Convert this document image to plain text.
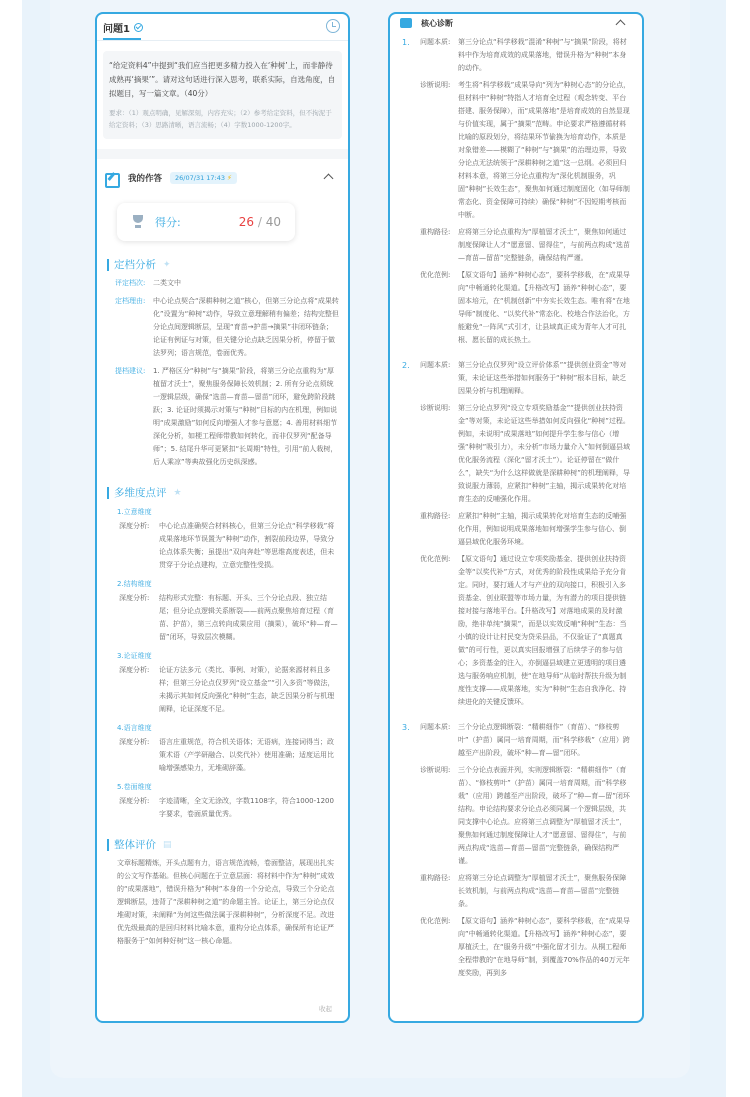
问题1
“给定资料4”中提到“我们应当把更多精力投入在‘种树’上，而非静待成熟再‘摘果’”。请对这句话进行深入思考，联系实际，自选角度，自拟题目，写一篇文章。（40分）
要求：（1）观点明确，见解深刻，内容充实；（2）参考给定资料，但不拘泥于给定资料；（3）思路清晰，语言流畅；（4）字数1000-1200字。
我的作答	26/07/31 17:43 ⚡
得分:	26 / 40
定档分析 ✦
评定档次:	二类文中
定档理由:	中心论点契合“深耕种树之道”核心，但第三分论点将“成果转化”设置为“种树”动作，导致立意理解稍有偏差；结构完整但分论点间逻辑断层，呈现“育苗→护苗→摘果”非闭环链条；论证有例证与对策，但关键分论点缺乏因果分析，停留于做法罗列；语言规范，卷面优秀。
提档建议:	1. 严格区分“种树”与“摘果”阶段，将第三分论点重构为“厚植留才沃土”，聚焦服务保障长效机制；2. 所有分论点须统一逻辑层级，确保“选苗—育苗—留苗”闭环，避免跨阶段跳跃；3. 论证时须揭示对策与“种树”目标的内在机理，例如说明“成果激励”如何反向增强人才参与意愿；4. 善用材料细节深化分析，如梗工程师带教如何转化，而非仅罗列“配备导师”；5. 结尾升华可更紧扣“长周期”特性，引用“前人栽树，后人乘凉”等典故强化历史纵深感。
多维度点评 ★
1.立意维度
深度分析:	中心论点准确契合材料核心，但第三分论点“科学移栽”将成果落地环节误置为“种树”动作，割裂前段边界，导致分论点体系失衡；虽提出“双向奔赴”等思维高度表述，但未贯穿于分论点建构，立意完整性受损。
2.结构维度
深度分析:	结构形式完整：有标题、开头、三个分论点段、独立结尾；但分论点逻辑关系断裂——前两点聚焦培育过程（育苗、护苗），第三点转向成果应用（摘果），破坏“种—育—留”闭环，导致层次模糊。
3.论证维度
深度分析:	论证方法多元（类比、事例、对策），论据来源材料且多样；但第三分论点仅罗列“设立基金”“引入多资”等做法，未揭示其如何反向强化“种树”生态，缺乏因果分析与机理阐释，论证深度不足。
4.语言维度
深度分析:	语言庄重规范，符合机关语体；无语病，连接词得当；政策术语（产学研融合、以奖代补）使用准确；适度运用比喻增强感染力，无堆砌辞藻。
5.卷面维度
深度分析:	字迹清晰，全文无涂改，字数1108字，符合1000-1200字要求，卷面质量优秀。
整体评价 ▤
文章标题精炼，开头点题有力，语言规范流畅，卷面整洁，展现出扎实的公文写作基础。但核心问题在于立意层面：将材料中作为“种树”成效的“成果落地”，错误升格为“种树”本身的一个分论点，导致三个分论点逻辑断层，违背了“深耕种树之道”的命题主旨。论证上，第三分论点仅堆砌对策，未阐释“为何这些做法属于深耕种树”，分析深度不足。改进优先级最高的是回归材料比喻本意，重构分论点体系，确保所有论证严格服务于“如何种好树”这一核心命题。
收起
核心诊断
1.	问题本质:	第三分论点“科学移栽”混淆“种树”与“摘果”阶段，将材料中作为培育成效的成果落地，错误升格为“种树”本身的动作。
诊断说明:	考生将“科学移栽”成果导向“列为“种树心态”的分论点，但材料中“种树”特指人才培育全过程（观念转变、平台搭建、服务保障），而“成果落地”是培育成效的自然显现与价值实现，属于“摘果”范畴。申论要求严格遵循材料比喻的原段划分，将结果环节偷换为培育动作，本质是对象错差——模糊了“种树”与“摘果”的治理边界，导致分论点无法统领于“深耕种树之道”这一总纲。必须回归材料本意，将第三分论点重构为“深化机制服务，巩固“种树”长效生态”，聚焦如何通过制度固化（如导师制常态化、资金保障可持续）确保“种树”不因短期考核而中断。
重构路径:	应将第三分论点重构为“厚植留才沃土”，聚焦如何通过制度保障让人才“愿意留、留得住”，与前两点构成“选苗—育苗—留苗”完整链条，确保结构严谨。
优化范例:	【原文语句】涵养“种树心态”，要科学移栽，在“成果导向”中畅通转化渠道。【升格改写】涵养“种树心态”，要固本培元，在“机制创新”中夯实长效生态。唯有将“在地导师”制度化、“以奖代补”常态化、校地合作法治化，方能避免“一阵风”式引才，让县域真正成为青年人才可扎根、愿长留的成长热土。
2.	问题本质:	第三分论点仅罗列“设立评价体系”“提供创业资金”等对策，未论证这些举措如何服务于“种树”根本目标，缺乏因果分析与机理阐释。
诊断说明:	第三分论点罗列“设立专项奖励基金”“提供创业扶持资金”等对策，未论证这些举措如何反向强化“种树”过程。例如，未说明“成果落地”如何提升学生参与信心（增强“种树”吸引力），未分析“市场力量介入”如何倒逼县域优化服务流程（深化“留才沃土”）。论证停留在“做什么”，缺失“为什么这样做就是深耕种树”的机理阐释，导致说服力薄弱，应紧扣“种树”主轴，揭示成果转化对培育生态的反哺强化作用。
重构路径:	应紧扣“种树”主轴，揭示成果转化对培育生态的反哺强化作用，例如说明成果落地如何增强学生参与信心、倒逼县域优化服务环境。
优化范例:	【原文语句】通过设立专项奖励基金、提供创业扶持资金等“以奖代补”方式，对优秀的阶段性成果给予充分肯定。同时，要打通人才与产业的双向接口，积极引入多资基金、创业联盟等市场力量，为有潜力的项目提供链接对接与落地平台。【升格改写】对落地成果的及时激励，绝非单纯“摘果”，而是以实效反哺“种树”生态：当小镇的设计让村民变为贷采县品，不仅验证了“真题真做”的可行性，更以真实回报增强了后续学子的参与信心；多资基金的注入，亦倒逼县域建立更透明的项目遴选与服务响应机制，使“在地导师”从临时帮扶升级为制度性支撑——成果落地，实为“种树”生态自我净化、持续进化的关键反馈环。
3.	问题本质:	三个分论点逻辑断裂：“精耕细作”（育苗）、“修枝剪叶”（护苗）属同一培育周期，而“科学移栽”（应用）跨越至产出阶段，破坏“种—育—留”闭环。
诊断说明:	三个分论点表面并列，实则逻辑断裂：“精耕细作”（育苗）、“修枝剪叶”（护苗）属同一培育周期，而“科学移栽”（应用）跨越至产出阶段，破坏了“种—育—留”闭环结构。申论结构要求分论点必须同属一个逻辑层级，共同支撑中心论点。应将第三点调整为“厚植留才沃土”，聚焦如何通过制度保障让人才“愿意留、留得住”，与前两点构成“选苗—育苗—留苗”完整链条，确保结构严谨。
重构路径:	应将第三分论点调整为“厚植留才沃土”，聚焦服务保障长效机制，与前两点构成“选苗—育苗—留苗”完整链条。
优化范例:	【原文语句】涵养“种树心态”，要科学移栽，在“成果导向”中畅通转化渠道。【升格改写】涵养“种树心态”，要厚植沃土，在“服务升级”中强化留才引力。从桐工程师全程带教的“在地导师”制，到覆盖70%作品的40万元年度奖励，再到多
